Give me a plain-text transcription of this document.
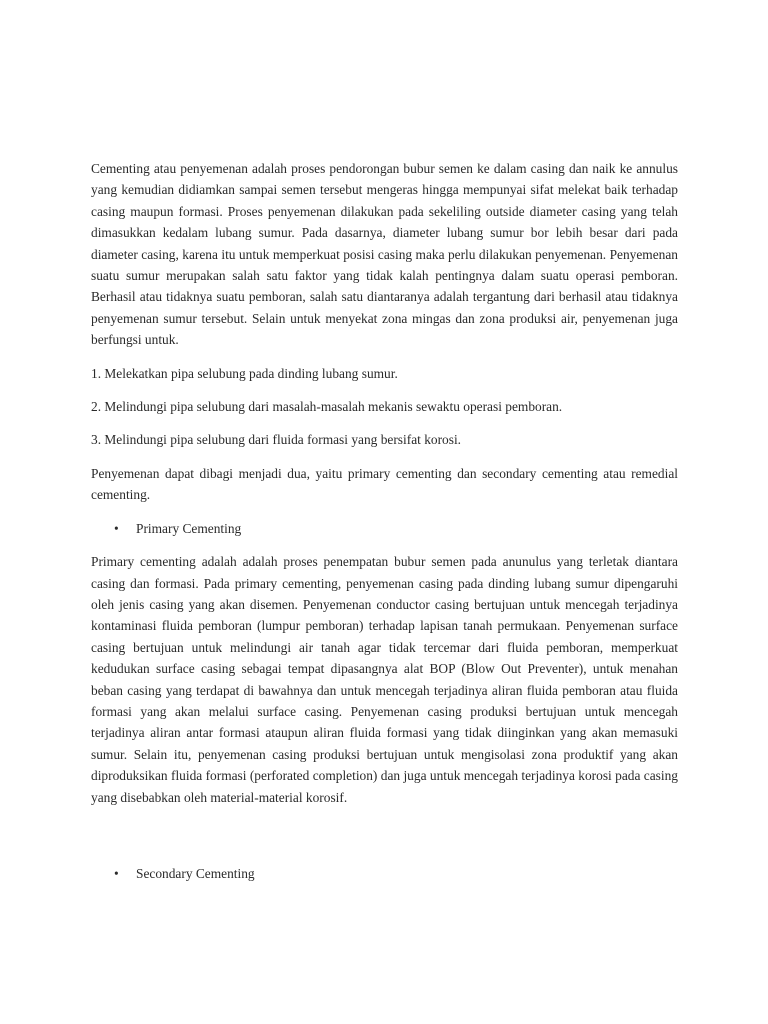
Cementing atau penyemenan adalah proses pendorongan bubur semen ke dalam casing dan naik ke annulus yang kemudian didiamkan sampai semen tersebut mengeras hingga mempunyai sifat melekat baik terhadap casing maupun formasi. Proses penyemenan dilakukan pada sekeliling outside diameter casing yang telah dimasukkan kedalam lubang sumur. Pada dasarnya, diameter lubang sumur bor lebih besar dari pada diameter casing, karena itu untuk memperkuat posisi casing maka perlu dilakukan penyemenan. Penyemenan suatu sumur merupakan salah satu faktor yang tidak kalah pentingnya dalam suatu operasi pemboran. Berhasil atau tidaknya suatu pemboran, salah satu diantaranya adalah tergantung dari berhasil atau tidaknya penyemenan sumur tersebut. Selain untuk menyekat zona mingas dan zona produksi air, penyemenan juga berfungsi untuk.

1. Melekatkan pipa selubung pada dinding lubang sumur.

2. Melindungi pipa selubung dari masalah-masalah mekanis sewaktu operasi pemboran.

3. Melindungi pipa selubung dari fluida formasi yang bersifat korosi.

Penyemenan dapat dibagi menjadi dua, yaitu primary cementing dan secondary cementing atau remedial cementing.

• Primary Cementing

Primary cementing adalah adalah proses penempatan bubur semen pada anunulus yang terletak diantara casing dan formasi. Pada primary cementing, penyemenan casing pada dinding lubang sumur dipengaruhi oleh jenis casing yang akan disemen. Penyemenan conductor casing bertujuan untuk mencegah terjadinya kontaminasi fluida pemboran (lumpur pemboran) terhadap lapisan tanah permukaan. Penyemenan surface casing bertujuan untuk melindungi air tanah agar tidak tercemar dari fluida pemboran, memperkuat kedudukan surface casing sebagai tempat dipasangnya alat BOP (Blow Out Preventer), untuk menahan beban casing yang terdapat di bawahnya dan untuk mencegah terjadinya aliran fluida pemboran atau fluida formasi yang akan melalui surface casing. Penyemenan casing produksi bertujuan untuk mencegah terjadinya aliran antar formasi ataupun aliran fluida formasi yang tidak diinginkan yang akan memasuki sumur. Selain itu, penyemenan casing produksi bertujuan untuk mengisolasi zona produktif yang akan diproduksikan fluida formasi (perforated completion) dan juga untuk mencegah terjadinya korosi pada casing yang disebabkan oleh material-material korosif.

• Secondary Cementing
